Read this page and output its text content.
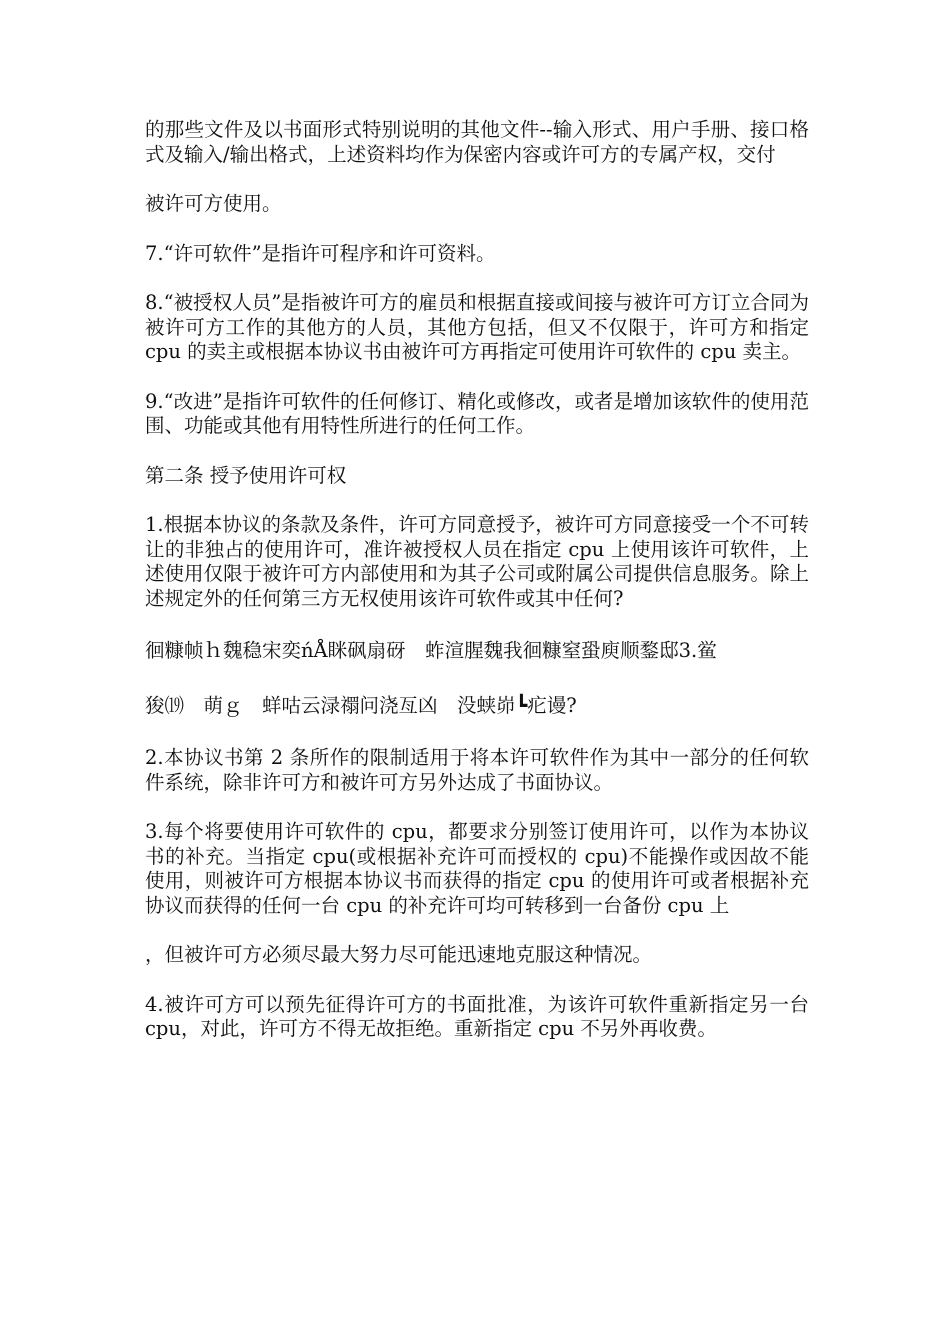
的那些文件及以书面形式特别说明的其他文件--输入形式、用户手册、接口格式及输入/输出格式，上述资料均作为保密内容或许可方的专属产权，交付

被许可方使用。

7.“许可软件”是指许可程序和许可资料。

8.“被授权人员”是指被许可方的雇员和根据直接或间接与被许可方订立合同为被许可方工作的其他方的人员，其他方包括，但又不仅限于，许可方和指定 cpu 的卖主或根据本协议书由被许可方再指定可使用许可软件的 cpu 卖主。

9.“改进”是指许可软件的任何修订、精化或修改，或者是增加该软件的使用范围、功能或其他有用特性所进行的任何工作。

第二条 授予使用许可权

1.根据本协议的条款及条件，许可方同意授予，被许可方同意接受一个不可转让的非独占的使用许可，准许被授权人员在指定 cpu 上使用该许可软件，上述使用仅限于被许可方内部使用和为其子公司或附属公司提供信息服务。除上述规定外的任何第三方无权使用该许可软件或其中任何?

徊糠帧ｈ魏稳宋奕ńÅ眯砜扇砑　蚱渲腥魏我徊糠窒蛩庾顺鍪邸3.鲎

狻⒆　萌ｇ　蛘咕云渌禤问浇亙凶　没蛱峁┗疕谩?

2.本协议书第 2 条所作的限制适用于将本许可软件作为其中一部分的任何软件系统，除非许可方和被许可方另外达成了书面协议。

3.每个将要使用许可软件的 cpu，都要求分别签订使用许可，以作为本协议书的补充。当指定 cpu(或根据补充许可而授权的 cpu)不能操作或因故不能使用，则被许可方根据本协议书而获得的指定 cpu 的使用许可或者根据补充协议而获得的任何一台 cpu 的补充许可均可转移到一台备份 cpu 上

，但被许可方必须尽最大努力尽可能迅速地克服这种情况。

4.被许可方可以预先征得许可方的书面批准，为该许可软件重新指定另一台 cpu，对此，许可方不得无故拒绝。重新指定 cpu 不另外再收费。
